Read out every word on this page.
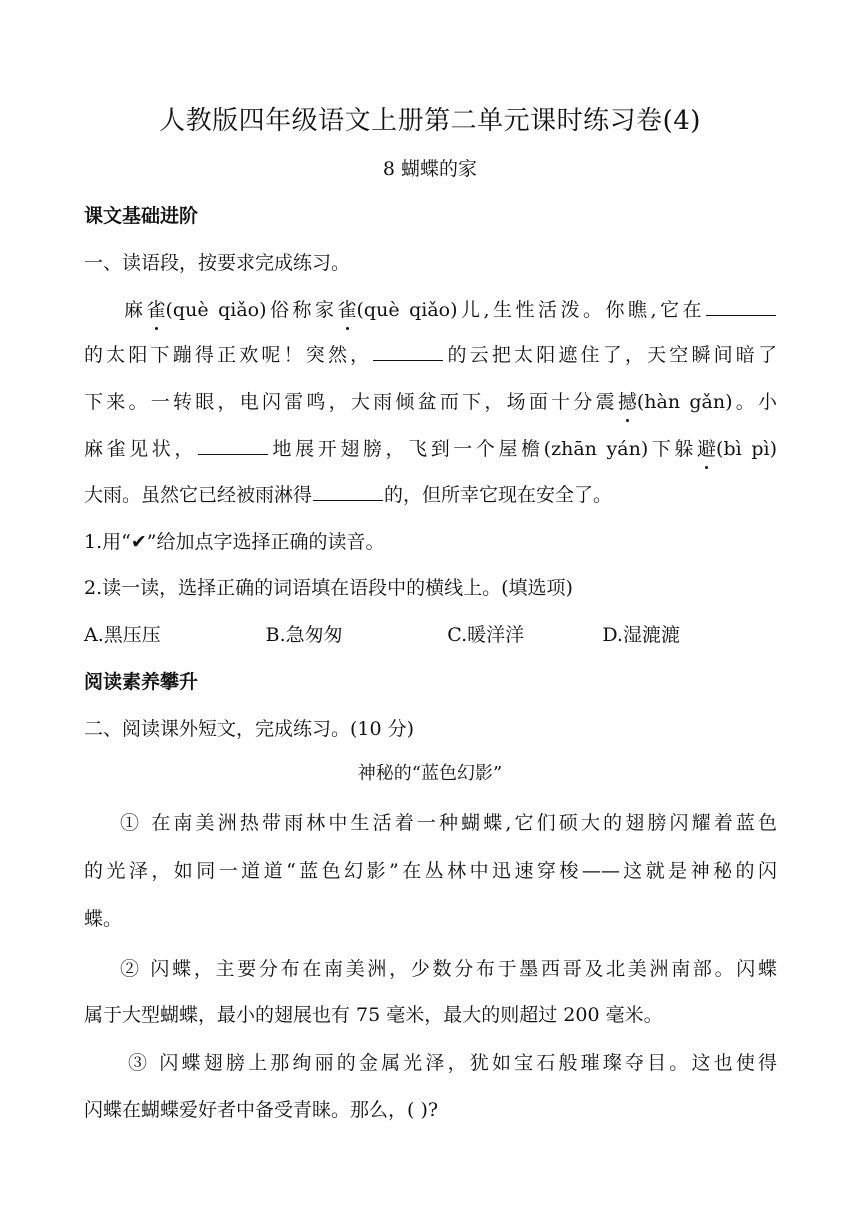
人教版四年级语文上册第二单元课时练习卷(4)
8 蝴蝶的家
课文基础进阶
一、读语段，按要求完成练习。
麻雀(què qiǎo)俗称家雀(què qiǎo)儿,生性活泼。你瞧,它在
的太阳下蹦得正欢呢！突然，	的云把太阳遮住了，天空瞬间暗了
下来。一转眼，电闪雷鸣，大雨倾盆而下，场面十分震撼(hàn gǎn)。小
麻雀见状，	地展开翅膀，飞到一个屋檐(zhān yán)下躲避(bì pì)
大雨。虽然它已经被雨淋得	的，但所幸它现在安全了。
1.用“✔”给加点字选择正确的读音。
2.读一读，选择正确的词语填在语段中的横线上。(填选项)
A.黑压压	B.急匆匆	C.暖洋洋	D.湿漉漉
阅读素养攀升
二、阅读课外短文，完成练习。(10 分)
神秘的“蓝色幻影”
① 在南美洲热带雨林中生活着一种蝴蝶,它们硕大的翅膀闪耀着蓝色
的光泽，如同一道道“蓝色幻影”在丛林中迅速穿梭——这就是神秘的闪
蝶。
② 闪蝶，主要分布在南美洲，少数分布于墨西哥及北美洲南部。闪蝶
属于大型蝴蝶，最小的翅展也有 75 毫米，最大的则超过 200 毫米。
③ 闪蝶翅膀上那绚丽的金属光泽，犹如宝石般璀璨夺目。这也使得
闪蝶在蝴蝶爱好者中备受青睐。那么，( )?
